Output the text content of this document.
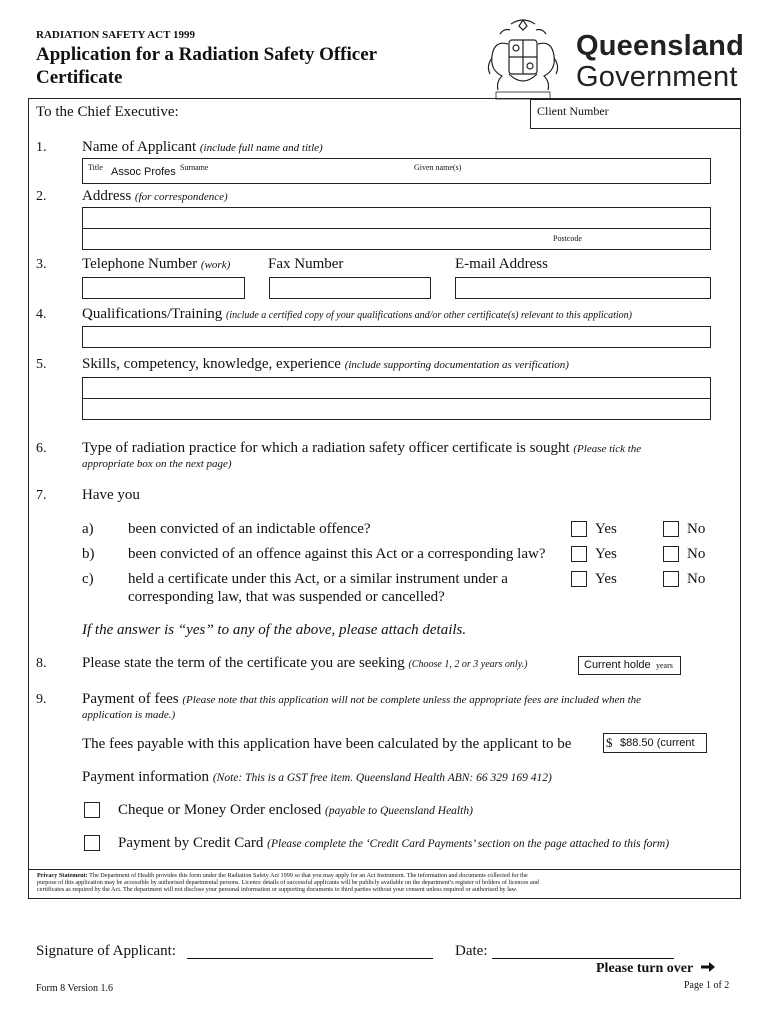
RADIATION SAFETY ACT 1999
Application for a Radiation Safety Officer
Certificate
Queensland
Government
To the Chief Executive:	Client Number
1. Name of Applicant (include full name and title)
Title Assoc Profes Surname	Given name(s)
2. Address (for correspondence)
Postcode
3. Telephone Number (work)	Fax Number	E-mail Address
4. Qualifications/Training (include a certified copy of your qualifications and/or other certificate(s) relevant to this application)
5. Skills, competency, knowledge, experience (include supporting documentation as verification)
6. Type of radiation practice for which a radiation safety officer certificate is sought (Please tick the
appropriate box on the next page)
7. Have you
a) been convicted of an indictable offence?	Yes	No
b) been convicted of an offence against this Act or a corresponding law?	Yes	No
c) held a certificate under this Act, or a similar instrument under a
corresponding law, that was suspended or cancelled?
Yes	No
If the answer is “yes” to any of the above, please attach details.
8. Please state the term of the certificate you are seeking (Choose 1, 2 or 3 years only.)	Current holde years
9. Payment of fees (Please note that this application will not be complete unless the appropriate fees are included when the
application is made.)
The fees payable with this application have been calculated by the applicant to be	$ $88.50 (current
Payment information (Note: This is a GST free item. Queensland Health ABN: 66 329 169 412)
Cheque or Money Order enclosed (payable to Queensland Health)
Payment by Credit Card (Please complete the ‘Credit Card Payments’ section on the page attached to this form)
Privacy Statement: The Department of Health provides this form under the Radiation Safety Act 1999 so that you may apply for an Act Instrument. The information and documents collected for the
purpose of this application may be accessible by authorised departmental persons. Licence details of successful applicants will be publicly available on the department’s register of holders of licences and
certificates as required by the Act. The department will not disclose your personal information or supporting documents to third parties without your consent unless required or authorised by law.
Signature of Applicant:	Date:
Please turn over
Form 8 Version 1.6	Page 1 of 2
